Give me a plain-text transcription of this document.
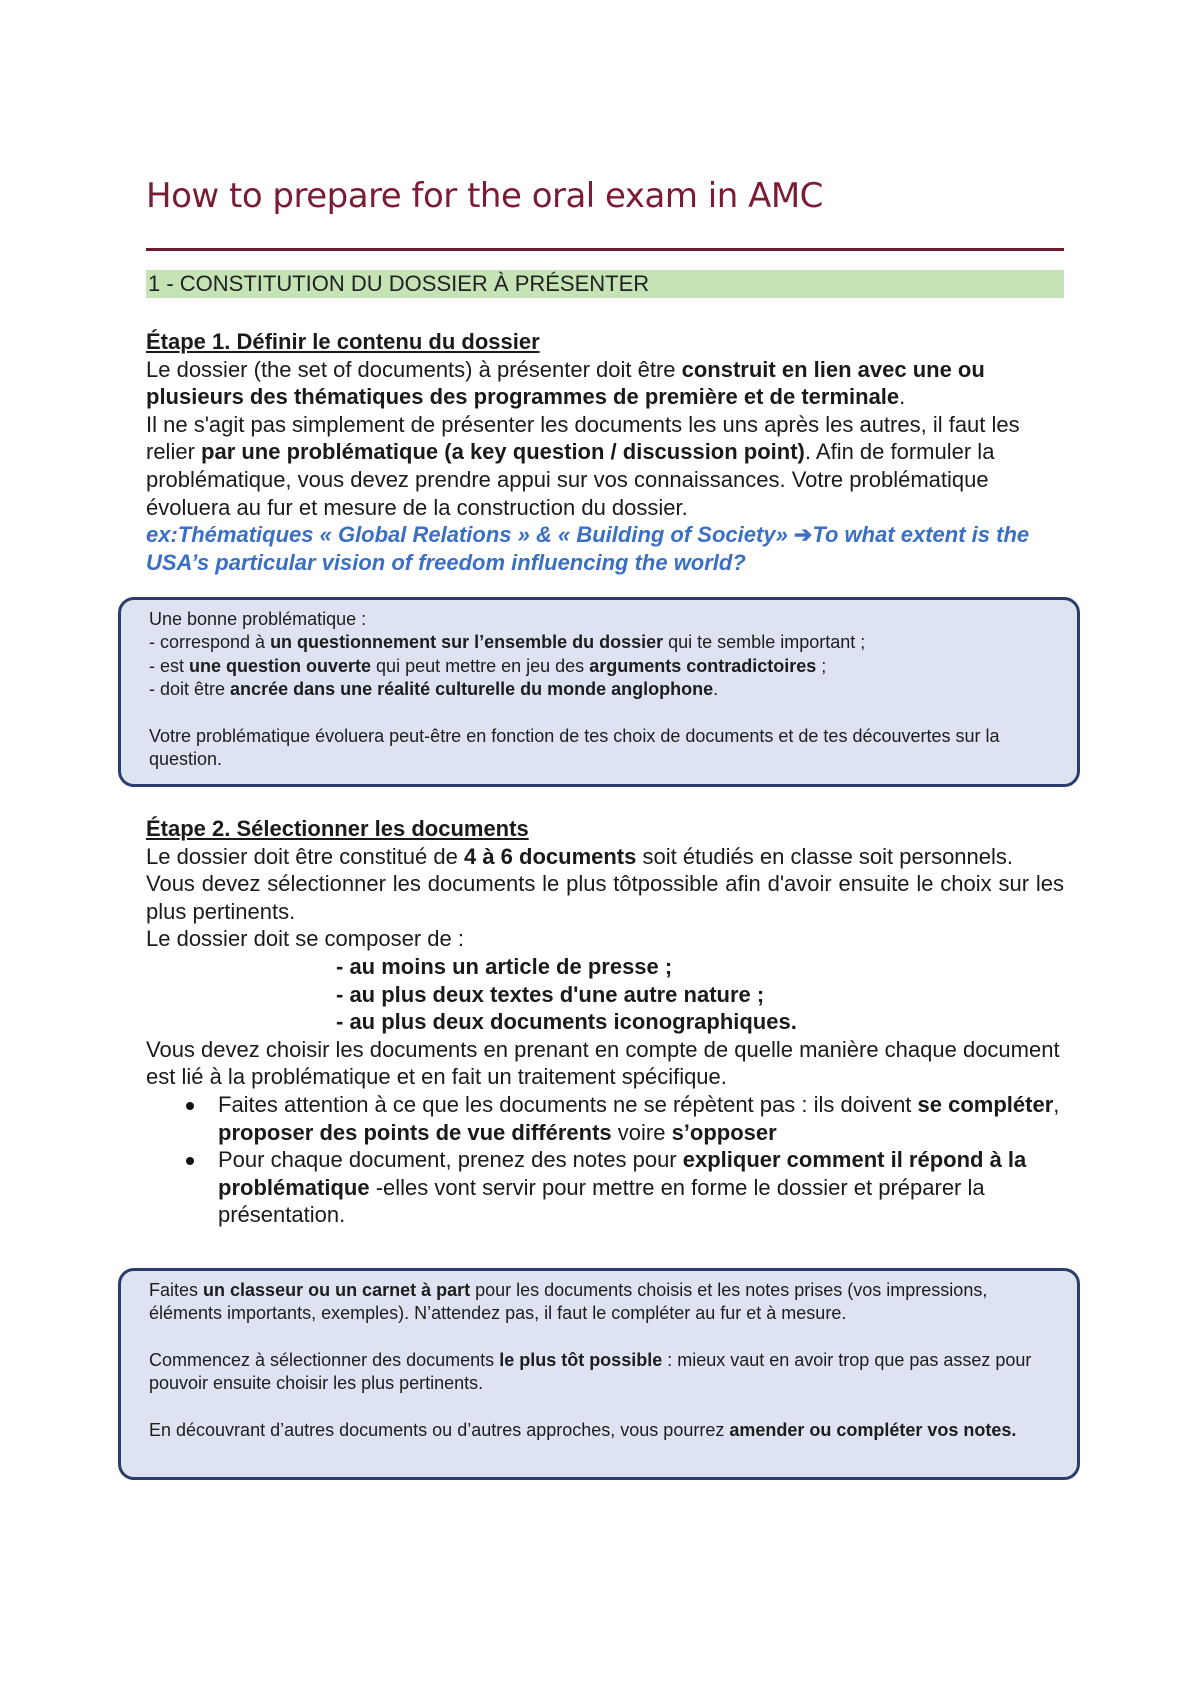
How to prepare for the oral exam in AMC
1 - CONSTITUTION DU DOSSIER À PRÉSENTER

Étape 1. Définir le contenu du dossier

Le dossier (the set of documents) à présenter doit être construit en lien avec une ou plusieurs des thématiques des programmes de première et de terminale.

Il ne s'agit pas simplement de présenter les documents les uns après les autres, il faut les relier par une problématique (a key question / discussion point). Afin de formuler la problématique, vous devez prendre appui sur vos connaissances. Votre problématique évoluera au fur et mesure de la construction du dossier.

ex:Thématiques « Global Relations » & « Building of Society» ➔To what extent is the USA’s particular vision of freedom influencing the world?

Une bonne problématique :

- correspond à un questionnement sur l’ensemble du dossier qui te semble important ;

- est une question ouverte qui peut mettre en jeu des arguments contradictoires ;

- doit être ancrée dans une réalité culturelle du monde anglophone.

Votre problématique évoluera peut-être en fonction de tes choix de documents et de tes découvertes sur la question.

Étape 2. Sélectionner les documents

Le dossier doit être constitué de 4 à 6 documents soit étudiés en classe soit personnels.

Vous devez sélectionner les documents le plus tôtpossible afin d'avoir ensuite le choix sur les plus pertinents.

Le dossier doit se composer de :

- au moins un article de presse ;

- au plus deux textes d'une autre nature ;

- au plus deux documents iconographiques.

Vous devez choisir les documents en prenant en compte de quelle manière chaque document est lié à la problématique et en fait un traitement spécifique.

Faites attention à ce que les documents ne se répètent pas : ils doivent se compléter, proposer des points de vue différents voire s’opposer
Pour chaque document, prenez des notes pour expliquer comment il répond à la problématique -elles vont servir pour mettre en forme le dossier et préparer la présentation.

Faites un classeur ou un carnet à part pour les documents choisis et les notes prises (vos impressions, éléments importants, exemples). N’attendez pas, il faut le compléter au fur et à mesure.

Commencez à sélectionner des documents le plus tôt possible : mieux vaut en avoir trop que pas assez pour pouvoir ensuite choisir les plus pertinents.

En découvrant d’autres documents ou d’autres approches, vous pourrez amender ou compléter vos notes.
